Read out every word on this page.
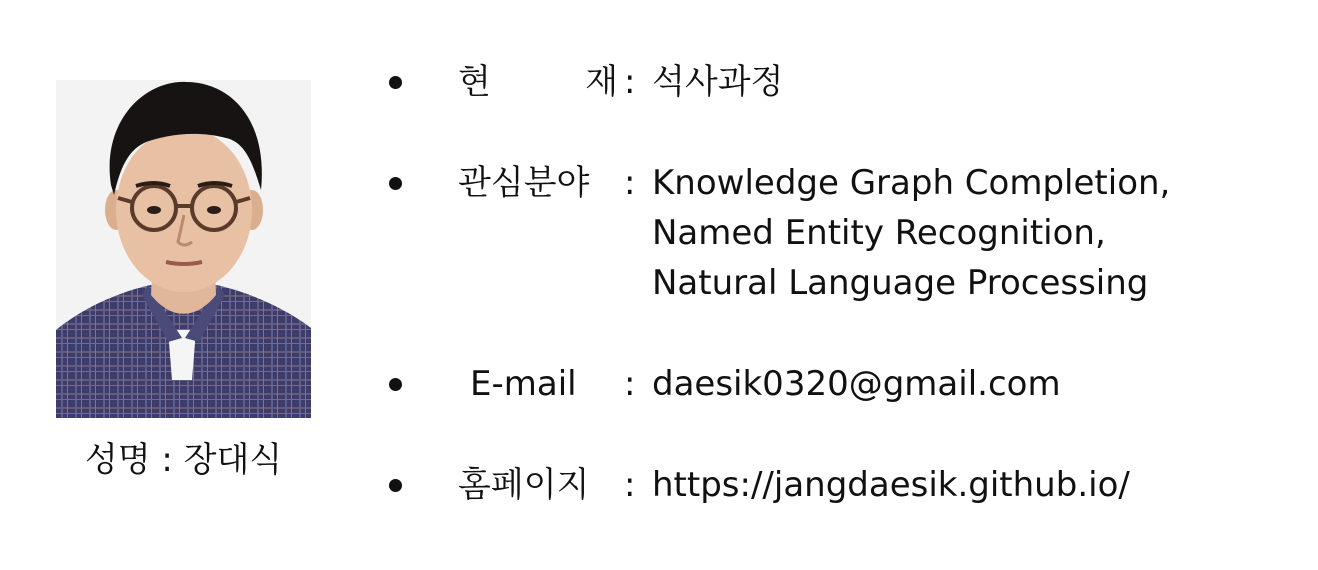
성명 : 장대식
현	재 : 석사과정
관심분야	: Knowledge Graph Completion,
Named Entity Recognition,
Natural Language Processing
E-mail	: daesik0320@gmail.com
홈페이지	: https://jangdaesik.github.io/
